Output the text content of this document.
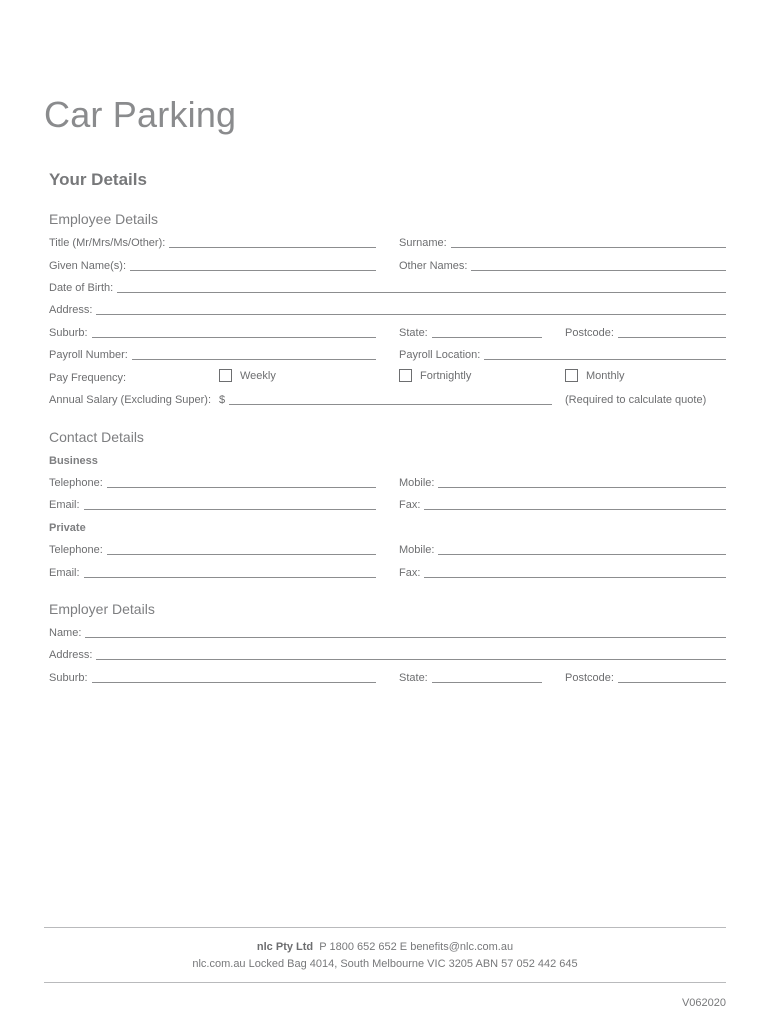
Car Parking
Your Details
Employee Details
Title (Mr/Mrs/Ms/Other):	Surname:
Given Name(s):	Other Names:
Date of Birth:
Address:
Suburb:	State:	Postcode:
Payroll Number:	Payroll Location:
Pay Frequency:	Weekly	Fortnightly	Monthly
Annual Salary (Excluding Super): $	(Required to calculate quote)
Contact Details
Business
Telephone:	Mobile:
Email:	Fax:
Private
Telephone:	Mobile:
Email:	Fax:
Employer Details
Name:
Address:
Suburb:	State:	Postcode:
nlc Pty Ltd P 1800 652 652 E benefits@nlc.com.au
nlc.com.au Locked Bag 4014, South Melbourne VIC 3205 ABN 57 052 442 645
V062020
